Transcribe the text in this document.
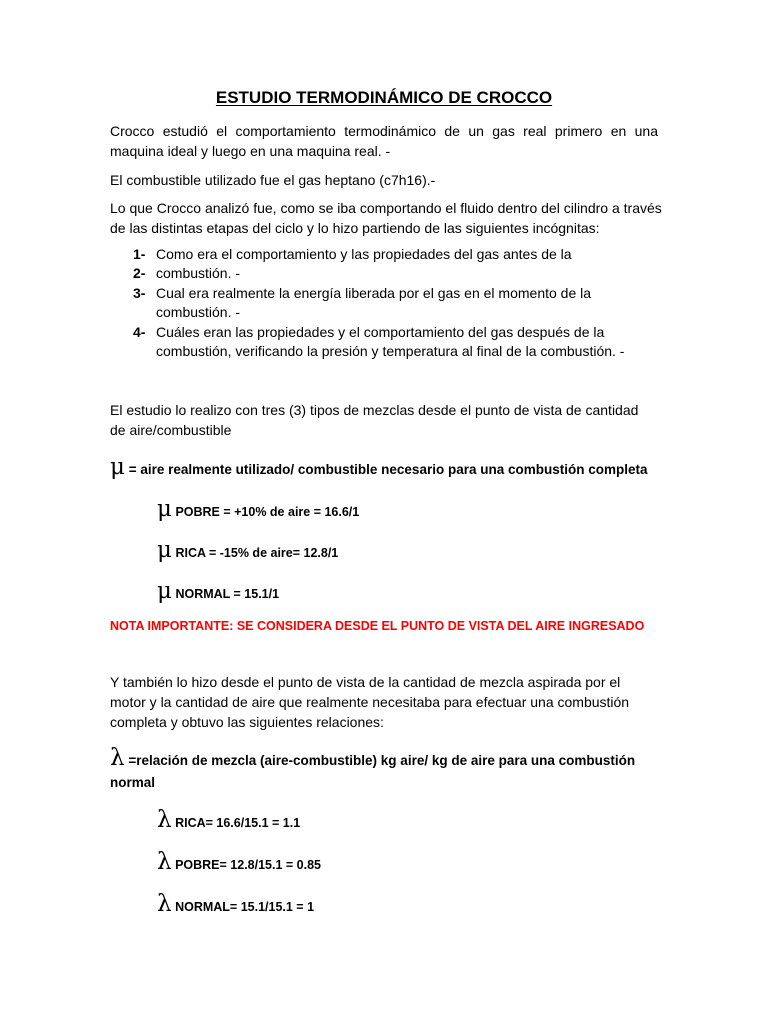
ESTUDIO TERMODINÁMICO DE CROCCO
Crocco estudió el comportamiento termodinámico de un gas real primero en una
maquina ideal y luego en una maquina real. -
El combustible utilizado fue el gas heptano (c7h16).-
Lo que Crocco analizó fue, como se iba comportando el fluido dentro del cilindro a través
de las distintas etapas del ciclo y lo hizo partiendo de las siguientes incógnitas:
1- Como era el comportamiento y las propiedades del gas antes de la
2- combustión. -
3- Cual era realmente la energía liberada por el gas en el momento de la
combustión. -
4- Cuáles eran las propiedades y el comportamiento del gas después de la
combustión, verificando la presión y temperatura al final de la combustión. -
El estudio lo realizo con tres (3) tipos de mezclas desde el punto de vista de cantidad
de aire/combustible
μ = aire realmente utilizado/ combustible necesario para una combustión completa
μ POBRE = +10% de aire = 16.6/1
μ RICA = -15% de aire= 12.8/1
μ NORMAL = 15.1/1
NOTA IMPORTANTE: SE CONSIDERA DESDE EL PUNTO DE VISTA DEL AIRE INGRESADO
Y también lo hizo desde el punto de vista de la cantidad de mezcla aspirada por el
motor y la cantidad de aire que realmente necesitaba para efectuar una combustión
completa y obtuvo las siguientes relaciones:
λ =relación de mezcla (aire-combustible) kg aire/ kg de aire para una combustión
normal
λ RICA= 16.6/15.1 = 1.1
λ POBRE= 12.8/15.1 = 0.85
λ NORMAL= 15.1/15.1 = 1
